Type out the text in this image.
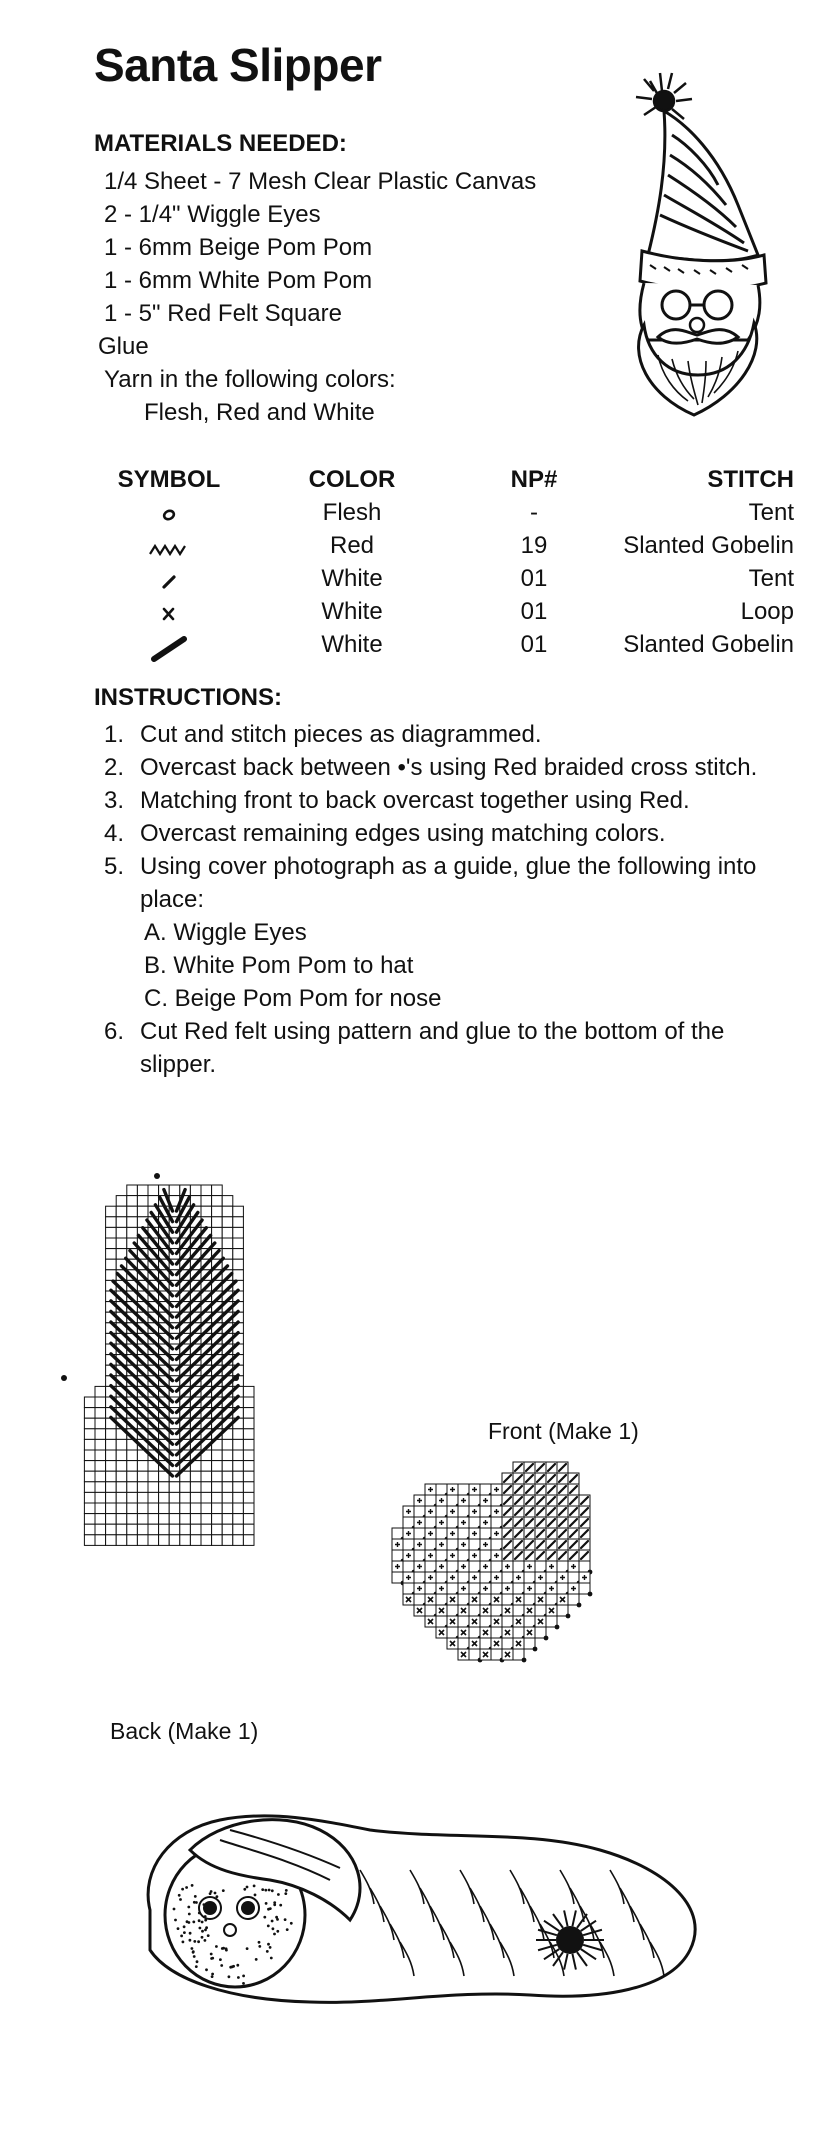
Santa Slipper
MATERIALS NEEDED:
1/4 Sheet - 7 Mesh Clear Plastic Canvas
2 - 1/4" Wiggle Eyes
1 - 6mm Beige Pom Pom
1 - 6mm White Pom Pom
1 - 5" Red Felt Square
Glue
Yarn in the following colors:
Flesh, Red and White
SYMBOL	COLOR	NP#	STITCH
Flesh	-	Tent
Red	19	Slanted Gobelin
White	01	Tent
White	01	Loop
White	01	Slanted Gobelin
INSTRUCTIONS:
1. Cut and stitch pieces as diagrammed.
2. Overcast back between •'s using Red braided cross stitch.
3. Matching front to back overcast together using Red.
4. Overcast remaining edges using matching colors.
5. Using cover photograph as a guide, glue the following into place:
A. Wiggle Eyes
B. White Pom Pom to hat
C. Beige Pom Pom for nose
6. Cut Red felt using pattern and glue to the bottom of the slipper.
Back (Make 1)
Front (Make 1)
